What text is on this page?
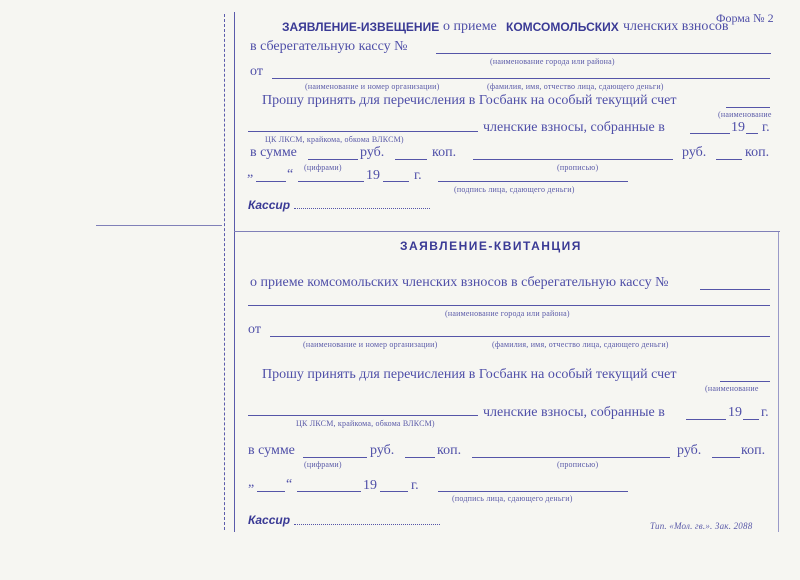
Форма № 2
ЗАЯВЛЕНИЕ-ИЗВЕЩЕНИЕ о приеме КОМСОМОЛЬСКИХ членских взносов
в сберегательную кассу №
(наименование города или района)
от
(наименование и номер организации)	(фамилия, имя, отчество лица, сдающего деньги)
Прошу принять для перечисления в Госбанк на особый текущий счет
(наименование
членские взносы, собранные в	19 г.
ЦК ЛКСМ, крайкома, обкома ВЛКСМ)
в сумме	руб.	коп.	руб.	коп.
(цифрами)	(прописью)
„ “	19 г.
(подпись лица, сдающего деньги)
Кассир
ЗАЯВЛЕНИЕ-КВИТАНЦИЯ
о приеме комсомольских членских взносов в сберегательную кассу №
(наименование города или района)
от
(наименование и номер организации)	(фамилия, имя, отчество лица, сдающего деньги)
Прошу принять для перечисления в Госбанк на особый текущий счет
(наименование
членские взносы, собранные в	19 г.
ЦК ЛКСМ, крайкома, обкома ВЛКСМ)
в сумме	руб.	коп.	руб.	коп.
(цифрами)	(прописью)
„ “	19 г.
(подпись лица, сдающего деньги)
Кассир	Тип. «Мол. гв.». Зак. 2088
